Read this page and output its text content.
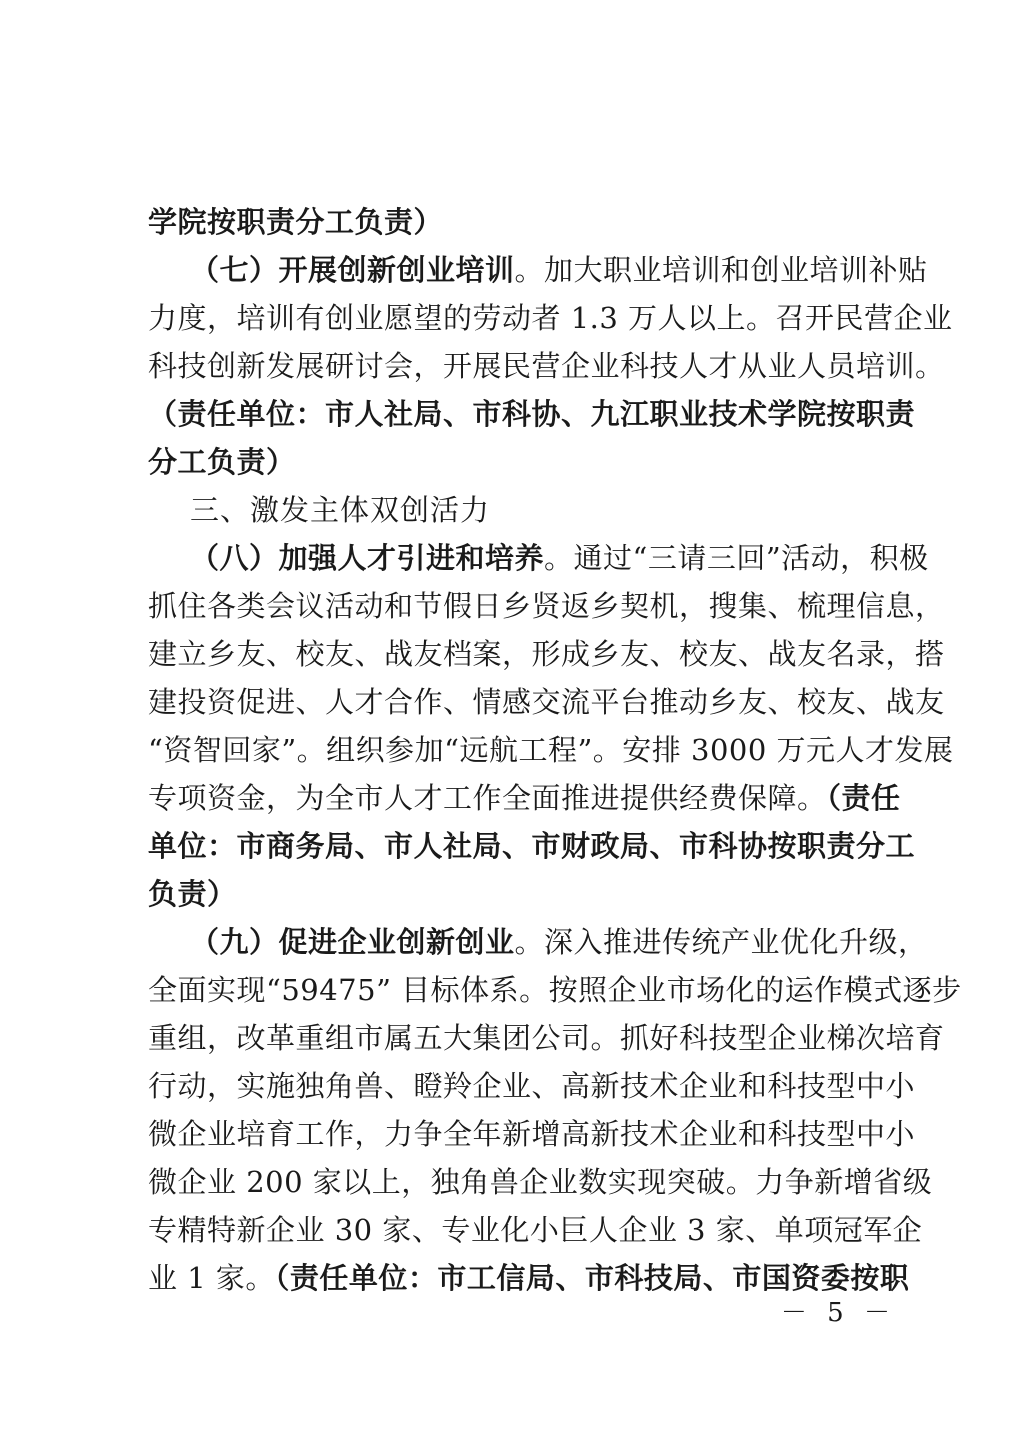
学院按职责分工负责）
（七）开展创新创业培训。加大职业培训和创业培训补贴
力度，培训有创业愿望的劳动者 1.3 万人以上。召开民营企业
科技创新发展研讨会，开展民营企业科技人才从业人员培训。
（责任单位：市人社局、市科协、九江职业技术学院按职责
分工负责）
三、激发主体双创活力
（八）加强人才引进和培养。通过“三请三回”活动，积极
抓住各类会议活动和节假日乡贤返乡契机，搜集、梳理信息，
建立乡友、校友、战友档案，形成乡友、校友、战友名录，搭
建投资促进、人才合作、情感交流平台推动乡友、校友、战友
“资智回家”。组织参加“远航工程”。安排 3000 万元人才发展
专项资金，为全市人才工作全面推进提供经费保障。（责任
单位：市商务局、市人社局、市财政局、市科协按职责分工
负责）
（九）促进企业创新创业。深入推进传统产业优化升级，
全面实现“59475” 目标体系。按照企业市场化的运作模式逐步
重组，改革重组市属五大集团公司。抓好科技型企业梯次培育
行动，实施独角兽、瞪羚企业、高新技术企业和科技型中小
微企业培育工作，力争全年新增高新技术企业和科技型中小
微企业 200 家以上，独角兽企业数实现突破。力争新增省级
专精特新企业 30 家、专业化小巨人企业 3 家、单项冠军企
业 1 家。（责任单位：市工信局、市科技局、市国资委按职
－ 5 －
